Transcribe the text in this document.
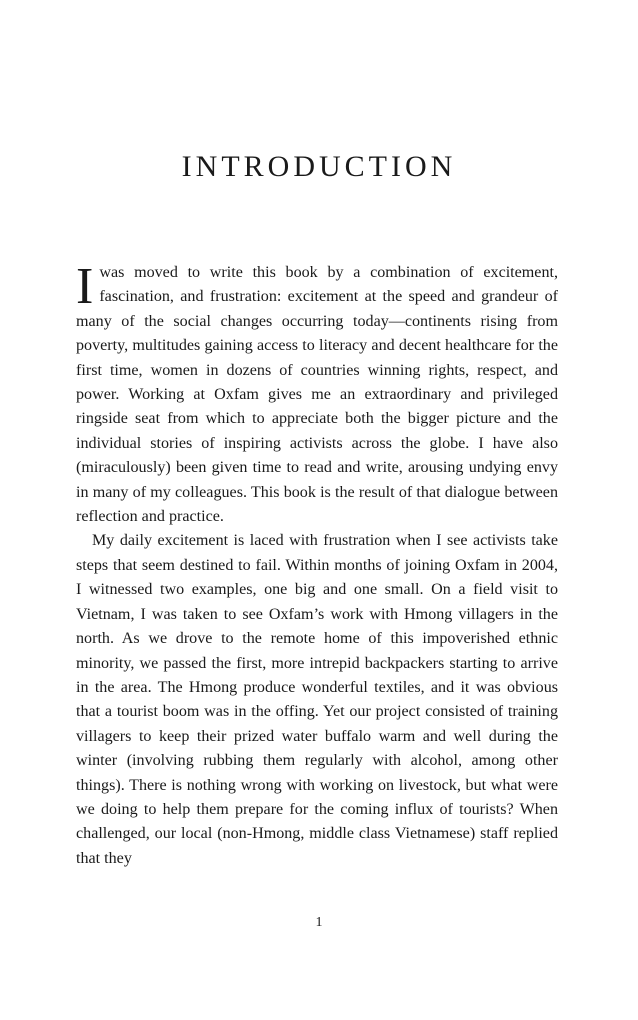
INTRODUCTION

I was moved to write this book by a combination of excitement, fascination, and frustration: excitement at the speed and grandeur of many of the social changes occurring today—continents rising from poverty, multitudes gaining access to literacy and decent healthcare for the first time, women in dozens of countries winning rights, respect, and power. Working at Oxfam gives me an extraordinary and privileged ringside seat from which to appreciate both the bigger picture and the individual stories of inspiring activists across the globe. I have also (miraculously) been given time to read and write, arousing undying envy in many of my colleagues. This book is the result of that dialogue between reflection and practice.

My daily excitement is laced with frustration when I see activists take steps that seem destined to fail. Within months of joining Oxfam in 2004, I witnessed two examples, one big and one small. On a field visit to Vietnam, I was taken to see Oxfam’s work with Hmong villagers in the north. As we drove to the remote home of this impoverished ethnic minority, we passed the first, more intrepid backpackers starting to arrive in the area. The Hmong produce wonderful textiles, and it was obvious that a tourist boom was in the offing. Yet our project consisted of training villagers to keep their prized water buffalo warm and well during the winter (involving rubbing them regularly with alcohol, among other things). There is nothing wrong with working on livestock, but what were we doing to help them prepare for the coming influx of tourists? When challenged, our local (non-Hmong, middle class Vietnamese) staff replied that they

1
